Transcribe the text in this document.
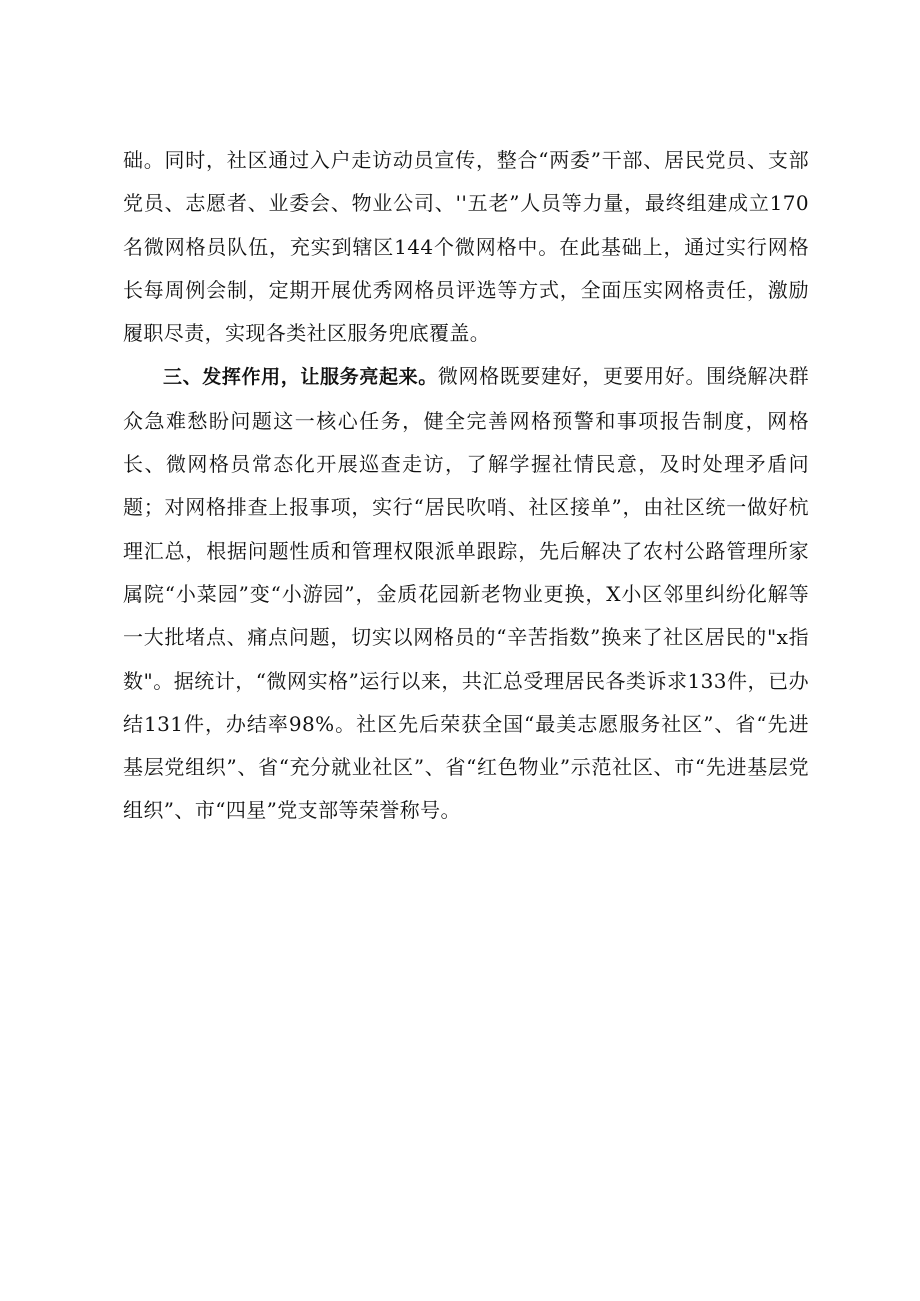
础。同时，社区通过入户走访动员宣传，整合“两委”干部、居民党员、支部党员、志愿者、业委会、物业公司、''五老”人员等力量，最终组建成立170名微网格员队伍，充实到辖区144个微网格中。在此基础上，通过实行网格长每周例会制，定期开展优秀网格员评选等方式，全面压实网格责任，激励履职尽责，实现各类社区服务兜底覆盖。

三、发挥作用，让服务亮起来。微网格既要建好，更要用好。围绕解决群众急难愁盼问题这一核心任务，健全完善网格预警和事项报告制度，网格长、微网格员常态化开展巡查走访，了解学握社情民意，及时处理矛盾问题；对网格排查上报事项，实行“居民吹哨、社区接单”，由社区统一做好杭理汇总，根据问题性质和管理权限派单跟踪，先后解决了农村公路管理所家属院“小菜园”变“小游园”，金质花园新老物业更换，X小区邻里纠纷化解等一大批堵点、痛点问题，切实以网格员的“辛苦指数”换来了社区居民的"x指数"。据统计，“微网实格”运行以来，共汇总受理居民各类诉求133件，已办结131件，办结率98%。社区先后荣获全国“最美志愿服务社区”、省“先进基层党组织”、省“充分就业社区”、省“红色物业”示范社区、市“先进基层党组织”、市“四星”党支部等荣誉称号。
